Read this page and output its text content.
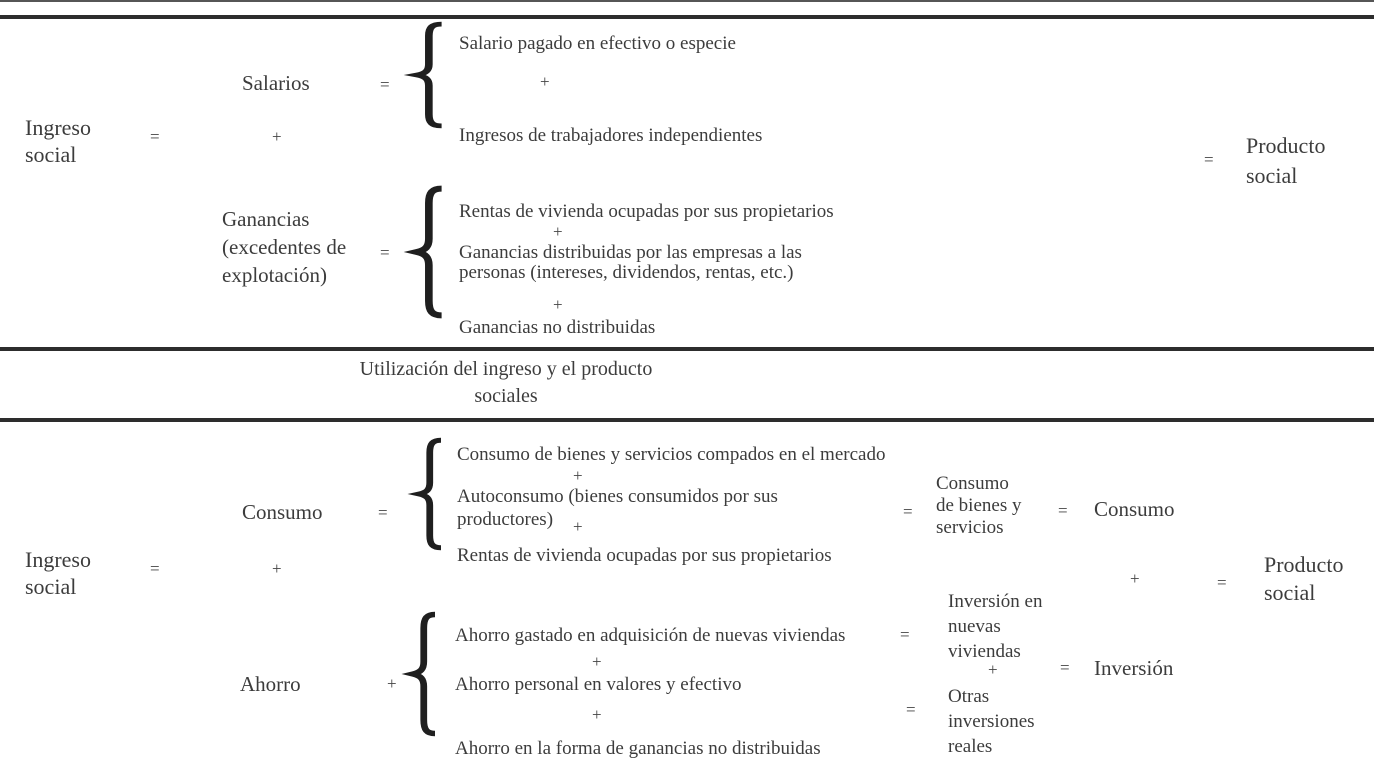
Ingreso
social
=	+
Salarios	=
Salario pagado en efectivo o especie
+
Ingresos de trabajadores independientes
Ganancias
(excedentes de
explotación)
=
Rentas de vivienda ocupadas por sus propietarios
+
Ganancias distribuidas por las empresas a las
personas (intereses, dividendos, rentas, etc.)
+
Ganancias no distribuidas
=
Producto
social
Utilización del ingreso y el producto
sociales
Ingreso
social
=	+
Consumo	=
Consumo de bienes y servicios compados en el mercado
+
Autoconsumo (bienes consumidos por sus
productores) +
Rentas de vivienda ocupadas por sus propietarios
=
Consumo
de bienes y
servicios
= Consumo
+	=
Producto
social
Ahorro	+
Ahorro gastado en adquisición de nuevas viviendas	=
+
Ahorro personal en valores y efectivo
+
Ahorro en la forma de ganancias no distribuidas
=
Inversión en
nuevas
viviendas
+
Otras
inversiones
reales
= Inversión
